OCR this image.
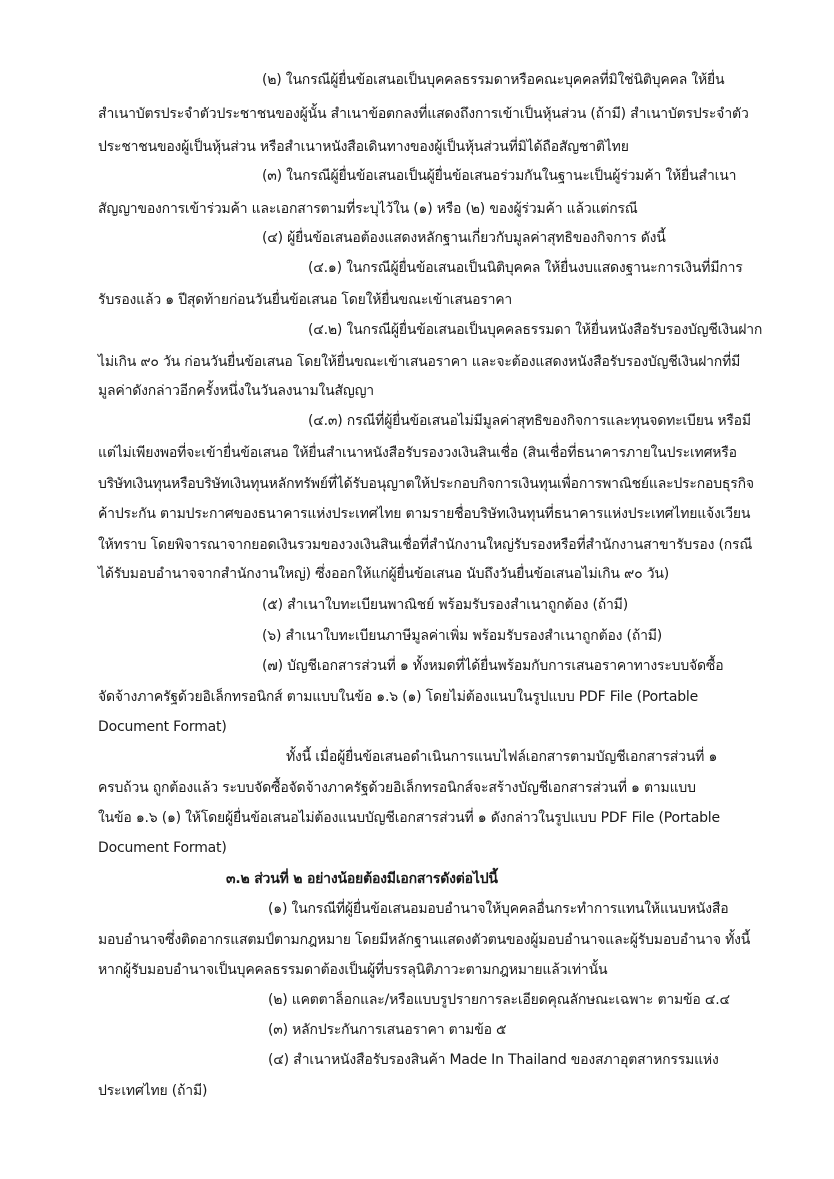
(๒) ในกรณีผู้ยื่นข้อเสนอเป็นบุคคลธรรมดาหรือคณะบุคคลที่มิใช่นิติบุคคล ให้ยื่น
สำเนาบัตรประจำตัวประชาชนของผู้นั้น สำเนาข้อตกลงที่แสดงถึงการเข้าเป็นหุ้นส่วน (ถ้ามี) สำเนาบัตรประจำตัว
ประชาชนของผู้เป็นหุ้นส่วน หรือสำเนาหนังสือเดินทางของผู้เป็นหุ้นส่วนที่มิได้ถือสัญชาติไทย
(๓) ในกรณีผู้ยื่นข้อเสนอเป็นผู้ยื่นข้อเสนอร่วมกันในฐานะเป็นผู้ร่วมค้า ให้ยื่นสำเนา
สัญญาของการเข้าร่วมค้า และเอกสารตามที่ระบุไว้ใน (๑) หรือ (๒) ของผู้ร่วมค้า แล้วแต่กรณี
(๔) ผู้ยื่นข้อเสนอต้องแสดงหลักฐานเกี่ยวกับมูลค่าสุทธิของกิจการ ดังนี้
(๔.๑) ในกรณีผู้ยื่นข้อเสนอเป็นนิติบุคคล ให้ยื่นงบแสดงฐานะการเงินที่มีการ
รับรองแล้ว ๑ ปีสุดท้ายก่อนวันยื่นข้อเสนอ โดยให้ยื่นขณะเข้าเสนอราคา
(๔.๒) ในกรณีผู้ยื่นข้อเสนอเป็นบุคคลธรรมดา ให้ยื่นหนังสือรับรองบัญชีเงินฝาก
ไม่เกิน ๙๐ วัน ก่อนวันยื่นข้อเสนอ โดยให้ยื่นขณะเข้าเสนอราคา และจะต้องแสดงหนังสือรับรองบัญชีเงินฝากที่มี
มูลค่าดังกล่าวอีกครั้งหนึ่งในวันลงนามในสัญญา
(๔.๓) กรณีที่ผู้ยื่นข้อเสนอไม่มีมูลค่าสุทธิของกิจการและทุนจดทะเบียน หรือมี
แต่ไม่เพียงพอที่จะเข้ายื่นข้อเสนอ ให้ยื่นสำเนาหนังสือรับรองวงเงินสินเชื่อ (สินเชื่อที่ธนาคารภายในประเทศหรือ
บริษัทเงินทุนหรือบริษัทเงินทุนหลักทรัพย์ที่ได้รับอนุญาตให้ประกอบกิจการเงินทุนเพื่อการพาณิชย์และประกอบธุรกิจ
ค้าประกัน ตามประกาศของธนาคารแห่งประเทศไทย ตามรายชื่อบริษัทเงินทุนที่ธนาคารแห่งประเทศไทยแจ้งเวียน
ให้ทราบ โดยพิจารณาจากยอดเงินรวมของวงเงินสินเชื่อที่สำนักงานใหญ่รับรองหรือที่สำนักงานสาขารับรอง (กรณี
ได้รับมอบอำนาจจากสำนักงานใหญ่) ซึ่งออกให้แก่ผู้ยื่นข้อเสนอ นับถึงวันยื่นข้อเสนอไม่เกิน ๙๐ วัน)
(๕) สำเนาใบทะเบียนพาณิชย์ พร้อมรับรองสำเนาถูกต้อง (ถ้ามี)
(๖) สำเนาใบทะเบียนภาษีมูลค่าเพิ่ม พร้อมรับรองสำเนาถูกต้อง (ถ้ามี)
(๗) บัญชีเอกสารส่วนที่ ๑ ทั้งหมดที่ได้ยื่นพร้อมกับการเสนอราคาทางระบบจัดซื้อ
จัดจ้างภาครัฐด้วยอิเล็กทรอนิกส์ ตามแบบในข้อ ๑.๖ (๑) โดยไม่ต้องแนบในรูปแบบ PDF File (Portable
Document Format)
ทั้งนี้ เมื่อผู้ยื่นข้อเสนอดำเนินการแนบไฟล์เอกสารตามบัญชีเอกสารส่วนที่ ๑
ครบถ้วน ถูกต้องแล้ว ระบบจัดซื้อจัดจ้างภาครัฐด้วยอิเล็กทรอนิกส์จะสร้างบัญชีเอกสารส่วนที่ ๑ ตามแบบ
ในข้อ ๑.๖ (๑) ให้โดยผู้ยื่นข้อเสนอไม่ต้องแนบบัญชีเอกสารส่วนที่ ๑ ดังกล่าวในรูปแบบ PDF File (Portable
Document Format)
๓.๒ ส่วนที่ ๒ อย่างน้อยต้องมีเอกสารดังต่อไปนี้
(๑) ในกรณีที่ผู้ยื่นข้อเสนอมอบอำนาจให้บุคคลอื่นกระทำการแทนให้แนบหนังสือ
มอบอำนาจซึ่งติดอากรแสตมป์ตามกฎหมาย โดยมีหลักฐานแสดงตัวตนของผู้มอบอำนาจและผู้รับมอบอำนาจ ทั้งนี้
หากผู้รับมอบอำนาจเป็นบุคคลธรรมดาต้องเป็นผู้ที่บรรลุนิติภาวะตามกฎหมายแล้วเท่านั้น
(๒) แคตตาล็อกและ/หรือแบบรูปรายการละเอียดคุณลักษณะเฉพาะ ตามข้อ ๔.๔
(๓) หลักประกันการเสนอราคา ตามข้อ ๕
(๔) สำเนาหนังสือรับรองสินค้า Made In Thailand ของสภาอุตสาหกรรมแห่ง
ประเทศไทย (ถ้ามี)
